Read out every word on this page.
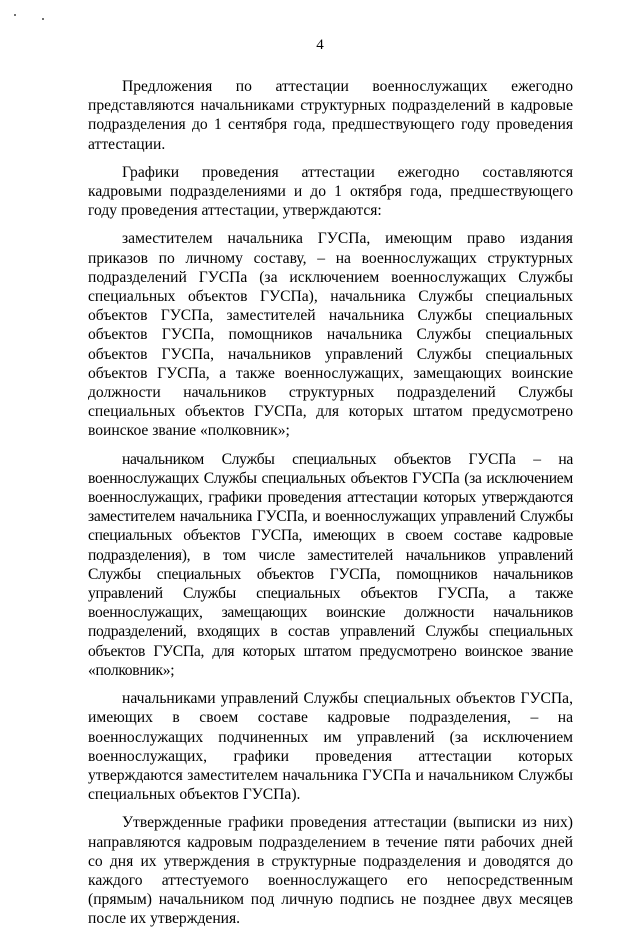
4

Предложения по аттестации военнослужащих ежегодно представляются начальниками структурных подразделений в кадровые подразделения до 1 сентября года, предшествующего году проведения аттестации.

Графики проведения аттестации ежегодно составляются кадровыми подразделениями и до 1 октября года, предшествующего году проведения аттестации, утверждаются:

заместителем начальника ГУСПа, имеющим право издания приказов по личному составу, – на военнослужащих структурных подразделений ГУСПа (за исключением военнослужащих Службы специальных объектов ГУСПа), начальника Службы специальных объектов ГУСПа, заместителей начальника Службы специальных объектов ГУСПа, помощников начальника Службы специальных объектов ГУСПа, начальников управлений Службы специальных объектов ГУСПа, а также военнослужащих, замещающих воинские должности начальников структурных подразделений Службы специальных объектов ГУСПа, для которых штатом предусмотрено воинское звание «полковник»;

начальником Службы специальных объектов ГУСПа – на военнослужащих Службы специальных объектов ГУСПа (за исключением военнослужащих, графики проведения аттестации которых утверждаются заместителем начальника ГУСПа, и военнослужащих управлений Службы специальных объектов ГУСПа, имеющих в своем составе кадровые подразделения), в том числе заместителей начальников управлений Службы специальных объектов ГУСПа, помощников начальников управлений Службы специальных объектов ГУСПа, а также военнослужащих, замещающих воинские должности начальников подразделений, входящих в состав управлений Службы специальных объектов ГУСПа, для которых штатом предусмотрено воинское звание «полковник»;

начальниками управлений Службы специальных объектов ГУСПа, имеющих в своем составе кадровые подразделения, – на военнослужащих подчиненных им управлений (за исключением военнослужащих, графики проведения аттестации которых утверждаются заместителем начальника ГУСПа и начальником Службы специальных объектов ГУСПа).

Утвержденные графики проведения аттестации (выписки из них) направляются кадровым подразделением в течение пяти рабочих дней со дня их утверждения в структурные подразделения и доводятся до каждого аттестуемого военнослужащего его непосредственным (прямым) начальником под личную подпись не позднее двух месяцев после их утверждения.
